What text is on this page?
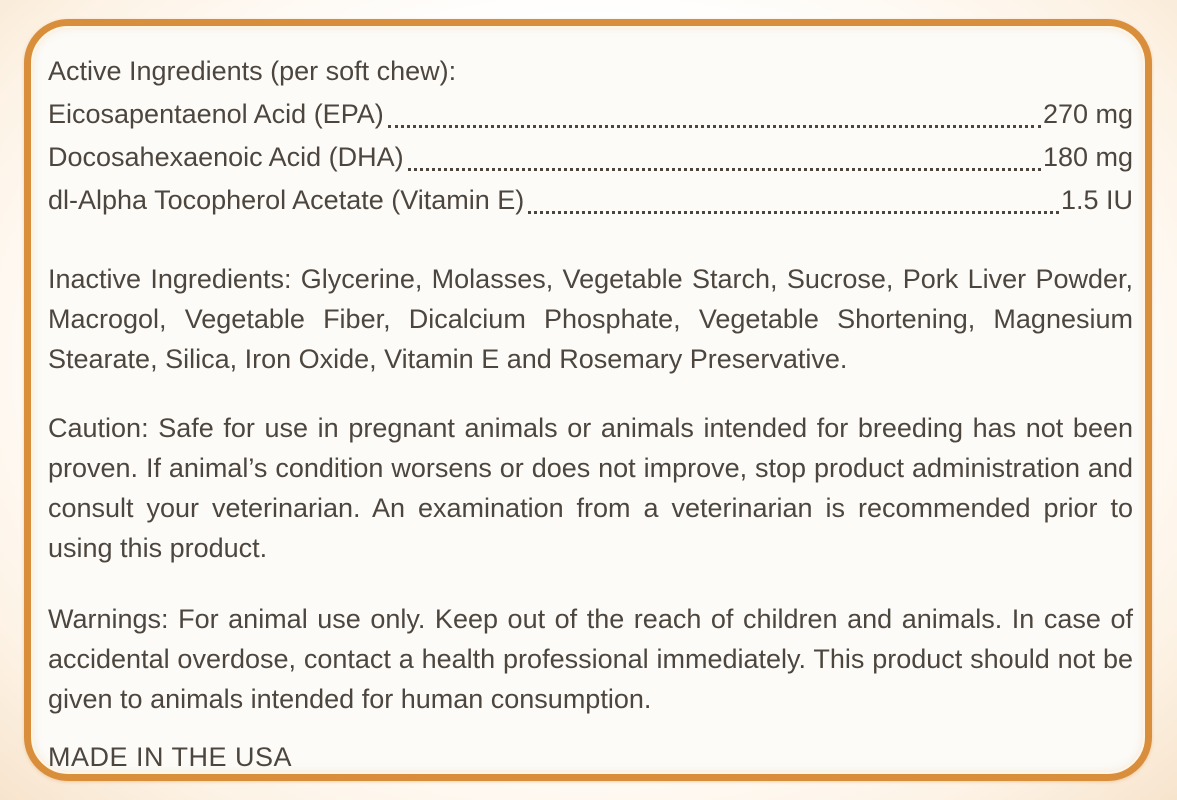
Active Ingredients (per soft chew):
Eicosapentaenol Acid (EPA)	270 mg
Docosahexaenoic Acid (DHA)	180 mg
dl-Alpha Tocopherol Acetate (Vitamin E)	1.5 IU
Inactive Ingredients: Glycerine, Molasses, Vegetable Starch, Sucrose, Pork Liver Powder, Macrogol, Vegetable Fiber, Dicalcium Phosphate, Vegetable Shortening, Magnesium Stearate, Silica, Iron Oxide, Vitamin E and Rosemary Preservative.
Caution: Safe for use in pregnant animals or animals intended for breeding has not been proven. If animal’s condition worsens or does not improve, stop product administration and consult your veterinarian. An examination from a veterinarian is recommended prior to using this product.
Warnings: For animal use only. Keep out of the reach of children and animals. In case of accidental overdose, contact a health professional immediately. This product should not be given to animals intended for human consumption.
MADE IN THE USA
